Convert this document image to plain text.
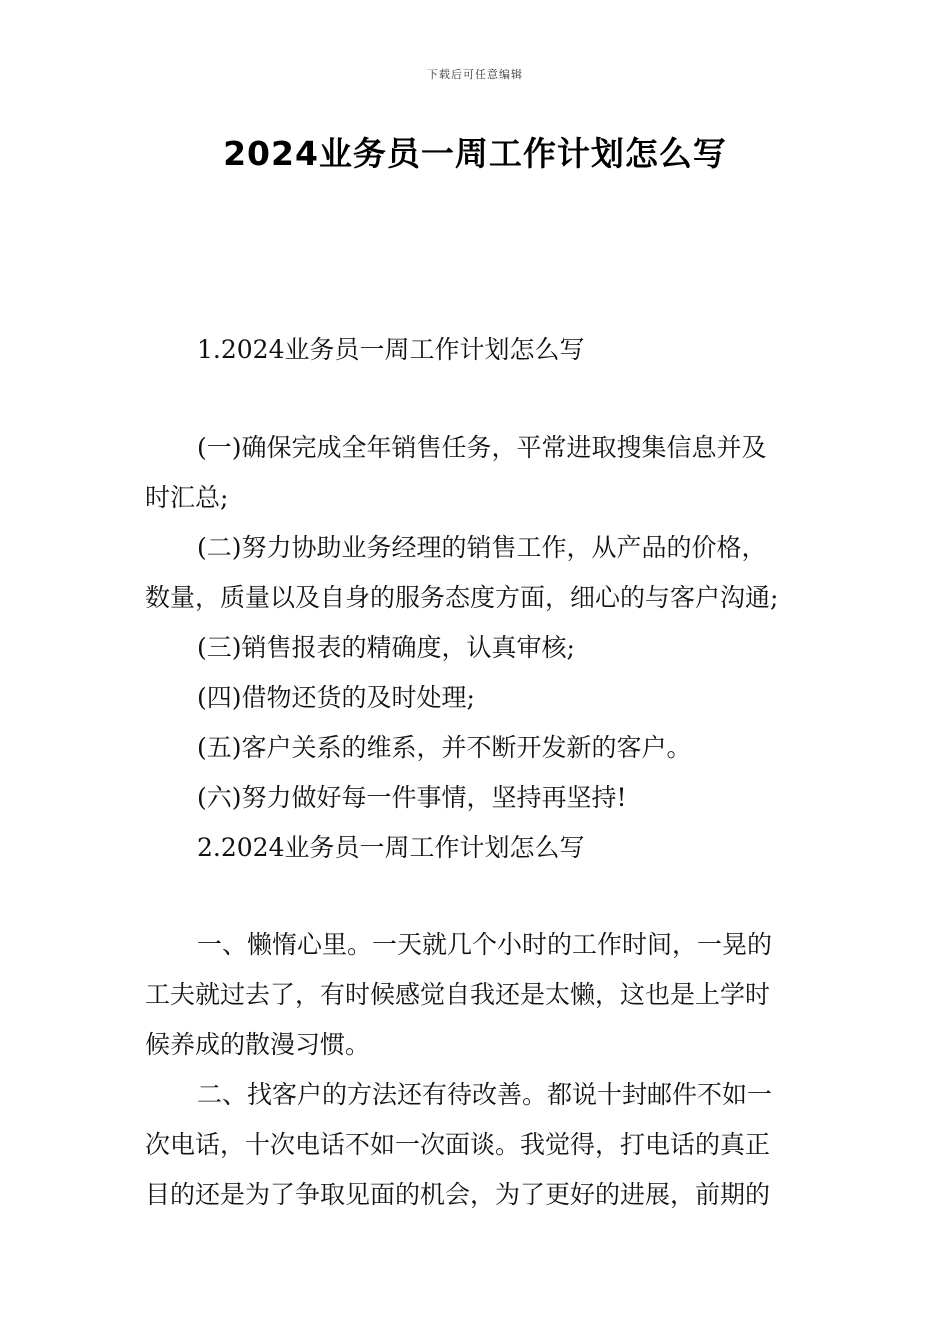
下载后可任意编辑
2024业务员一周工作计划怎么写
1.2024业务员一周工作计划怎么写
(一)确保完成全年销售任务，平常进取搜集信息并及
时汇总;
(二)努力协助业务经理的销售工作，从产品的价格，
数量，质量以及自身的服务态度方面，细心的与客户沟通;
(三)销售报表的精确度，认真审核;
(四)借物还货的及时处理;
(五)客户关系的维系，并不断开发新的客户。
(六)努力做好每一件事情，坚持再坚持!
2.2024业务员一周工作计划怎么写
一、懒惰心里。一天就几个小时的工作时间，一晃的
工夫就过去了，有时候感觉自我还是太懒，这也是上学时
候养成的散漫习惯。
二、找客户的方法还有待改善。都说十封邮件不如一
次电话，十次电话不如一次面谈。我觉得，打电话的真正
目的还是为了争取见面的机会，为了更好的进展，前期的
